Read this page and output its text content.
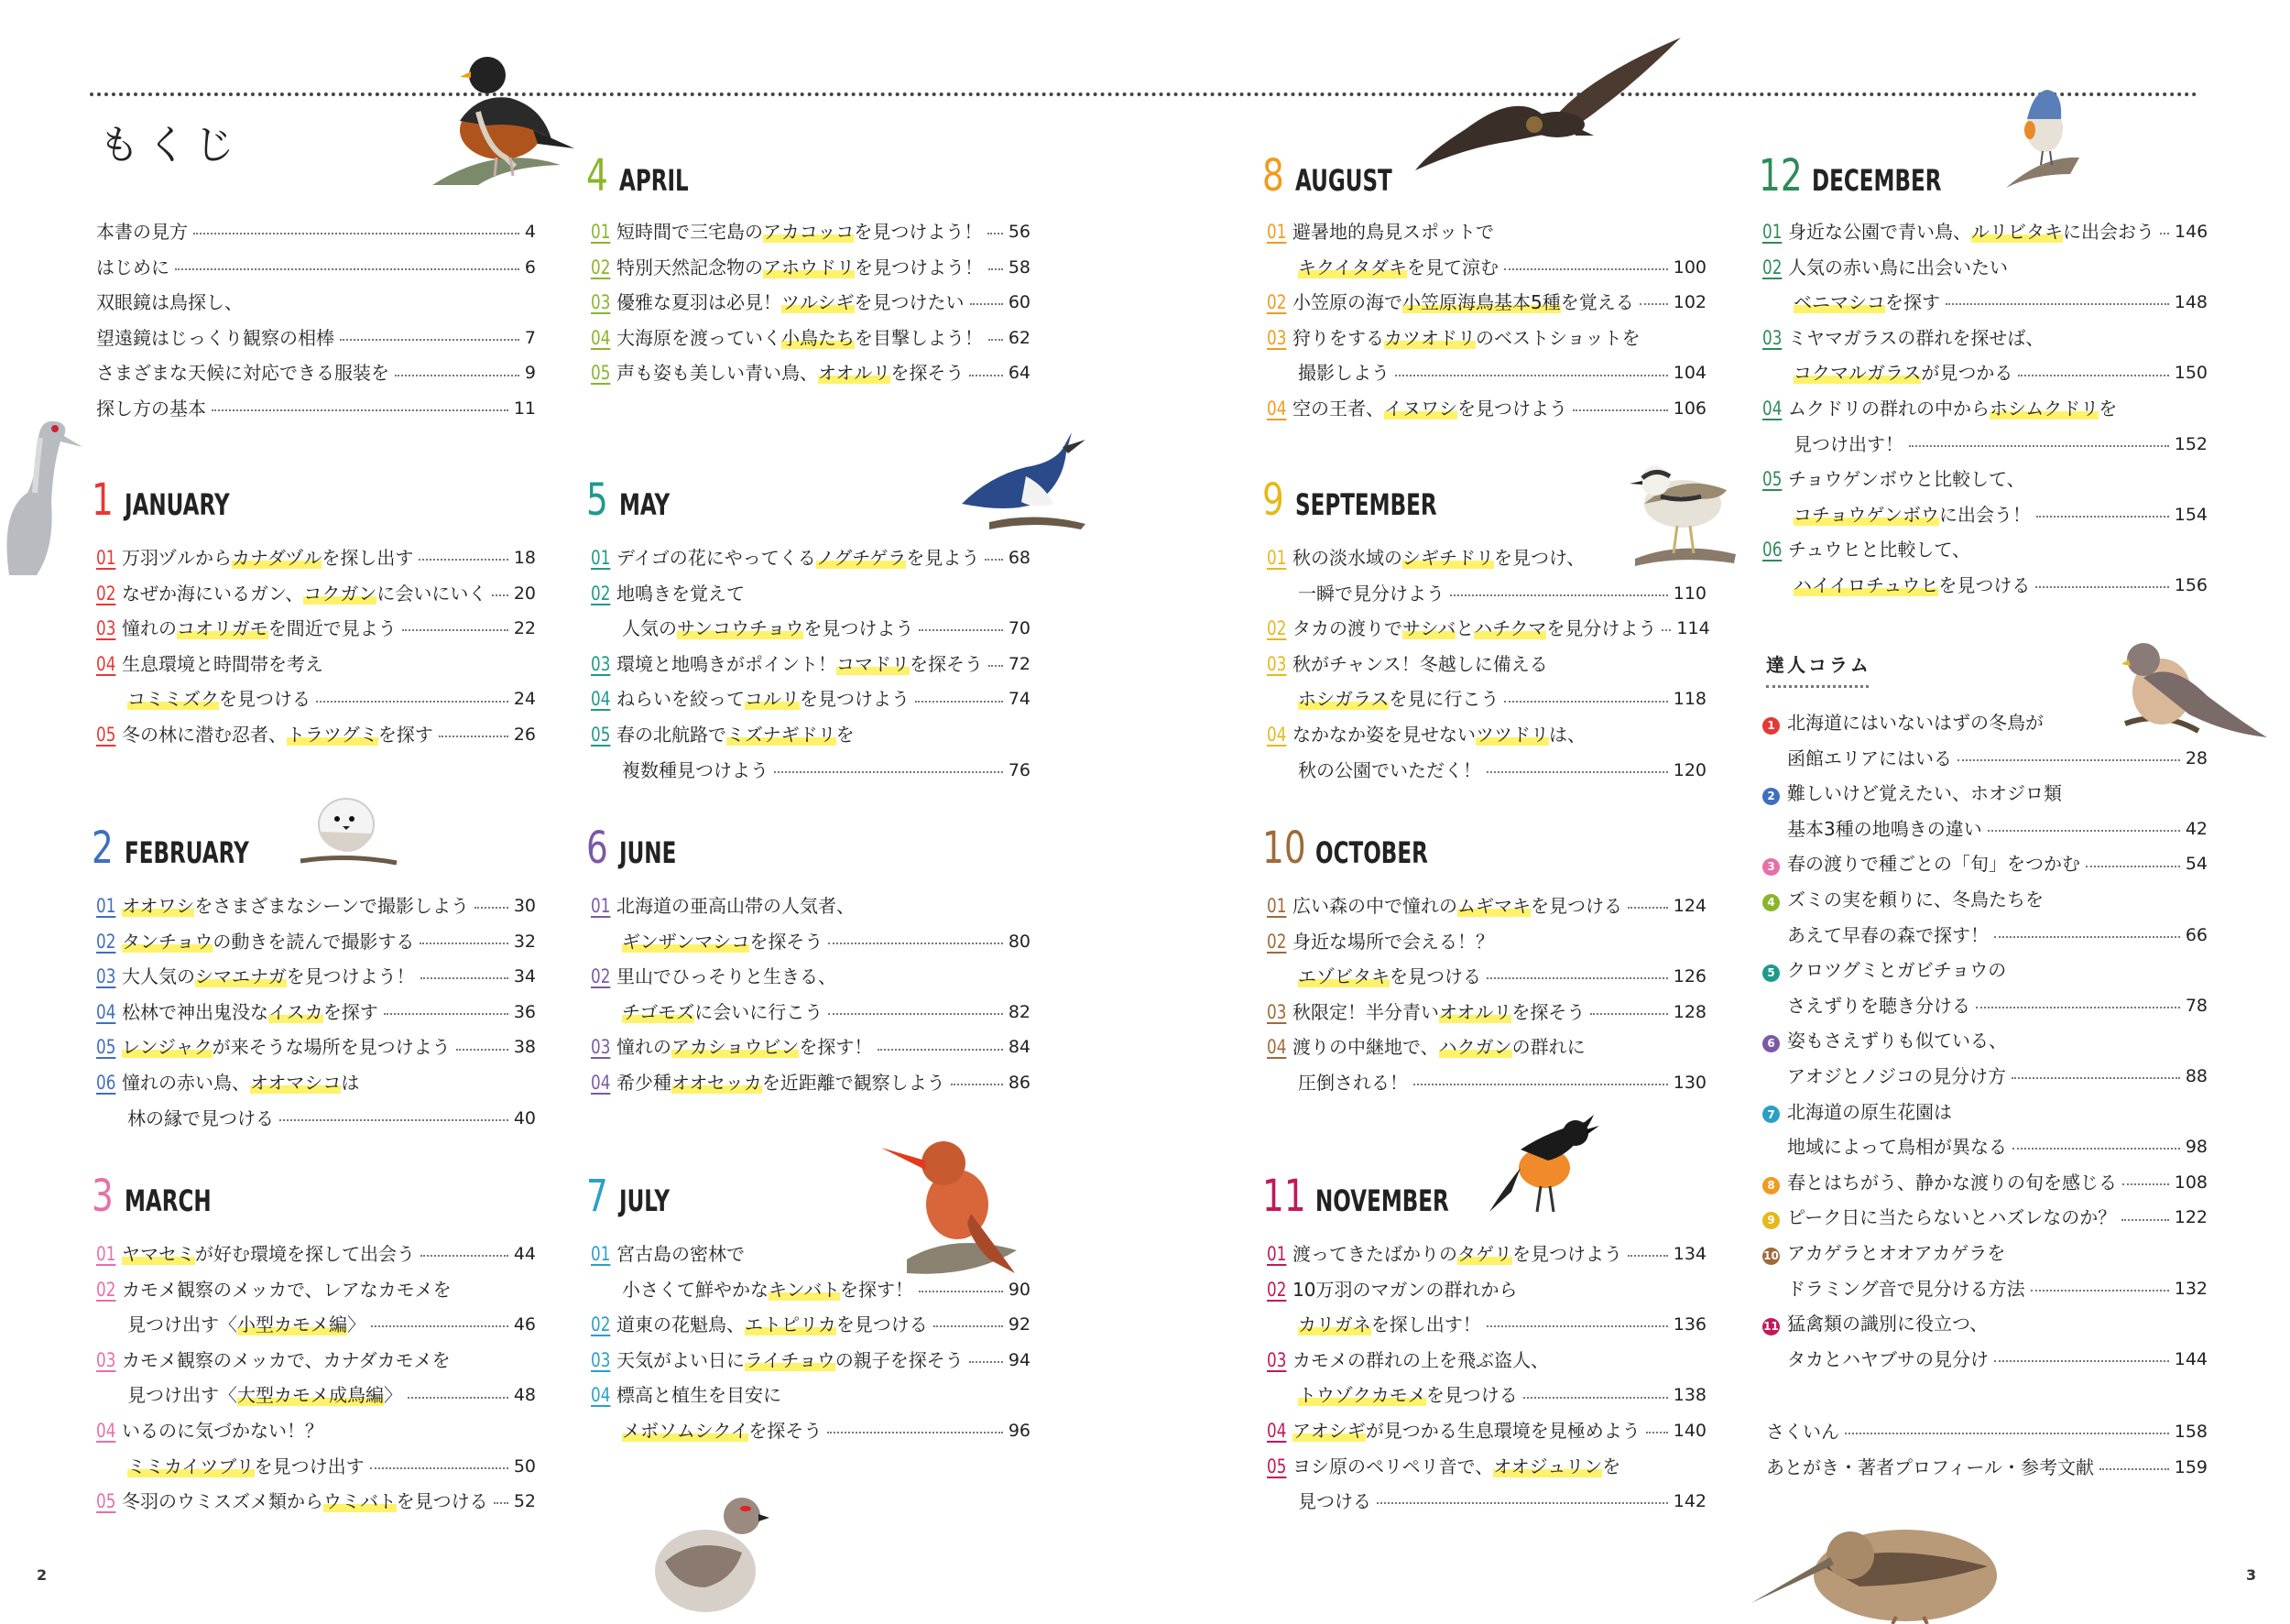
もくじ
2	3
本書の見方	4
はじめに	6
双眼鏡は鳥探し、
望遠鏡はじっくり観察の相棒	7
さまざまな天候に対応できる服装を	9
探し方の基本	11
1 JANUARY
2 FEBRUARY
3 MARCH
4 APRIL
5 MAY
6 JUNE
7 JULY
8 AUGUST
9 SEPTEMBER
10 OCTOBER
11 NOVEMBER
12 DECEMBER
01 万羽ヅルからカナダヅルを探し出す	18
02 なぜか海にいるガン、コクガンに会いにいく 20
03 憧れのコオリガモを間近で見よう	22
04 生息環境と時間帯を考え
コミミズクを見つける	24
05 冬の林に潜む忍者、トラツグミを探す	26
01 オオワシをさまざまなシーンで撮影しよう	30
02 タンチョウの動きを読んで撮影する	32
03 大人気のシマエナガを見つけよう！	34
04 松林で神出鬼没なイスカを探す	36
05 レンジャクが来そうな場所を見つけよう	38
06 憧れの赤い鳥、オオマシコは
林の縁で見つける	40
01 ヤマセミが好む環境を探して出会う	44
02 カモメ観察のメッカで、レアなカモメを
見つけ出す〈小型カモメ編〉	46
03 カモメ観察のメッカで、カナダカモメを
見つけ出す〈大型カモメ成鳥編〉	48
04 いるのに気づかない！？
ミミカイツブリを見つけ出す	50
05 冬羽のウミスズメ類からウミバトを見つける 52
01 短時間で三宅島のアカコッコを見つけよう！ 56
02 特別天然記念物のアホウドリを見つけよう！ 58
03 優雅な夏羽は必見！ツルシギを見つけたい	60
04 大海原を渡っていく小鳥たちを目撃しよう！ 62
05 声も姿も美しい青い鳥、オオルリを探そう	64
01 デイゴの花にやってくるノグチゲラを見よう 68
02 地鳴きを覚えて
人気のサンコウチョウを見つけよう	70
03 環境と地鳴きがポイント！コマドリを探そう 72
04 ねらいを絞ってコルリを見つけよう	74
05 春の北航路でミズナギドリを
複数種見つけよう	76
01 北海道の亜高山帯の人気者、
ギンザンマシコを探そう	80
02 里山でひっそりと生きる、
チゴモズに会いに行こう	82
03 憧れのアカショウビンを探す！	84
04 希少種オオセッカを近距離で観察しよう	86
01 宮古島の密林で
小さくて鮮やかなキンバトを探す！	90
02 道東の花魁鳥、エトピリカを見つける	92
03 天気がよい日にライチョウの親子を探そう	94
04 標高と植生を目安に
メボソムシクイを探そう	96
01 避暑地的鳥見スポットで
キクイタダキを見て涼む	100
02 小笠原の海で小笠原海鳥基本5種を覚える 102
03 狩りをするカツオドリのベストショットを
撮影しよう	104
04 空の王者、イヌワシを見つけよう	106
01 秋の淡水域のシギチドリを見つけ、
一瞬で見分けよう	110
02 タカの渡りでサシバとハチクマを見分けよう 114
03 秋がチャンス！冬越しに備える
ホシガラスを見に行こう	118
04 なかなか姿を見せないツツドリは、
秋の公園でいただく！	120
01 広い森の中で憧れのムギマキを見つける	124
02 身近な場所で会える！？
エゾビタキを見つける	126
03 秋限定！半分青いオオルリを探そう	128
04 渡りの中継地で、ハクガンの群れに
圧倒される！	130
01 渡ってきたばかりのタゲリを見つけよう	134
02 10万羽のマガンの群れから
カリガネを探し出す！	136
03 カモメの群れの上を飛ぶ盗人、
トウゾクカモメを見つける	138
04 アオシギが見つかる生息環境を見極めよう 140
05 ヨシ原のペリペリ音で、オオジュリンを
見つける	142
01 身近な公園で青い鳥、ルリビタキに出会おう 146
02 人気の赤い鳥に出会いたい
ベニマシコを探す	148
03 ミヤマガラスの群れを探せば、
コクマルガラスが見つかる	150
04 ムクドリの群れの中からホシムクドリを
見つけ出す！	152
05 チョウゲンボウと比較して、
コチョウゲンボウに出会う！	154
06 チュウヒと比較して、
ハイイロチュウヒを見つける	156
達人コラム
1 北海道にはいないはずの冬鳥が
函館エリアにはいる	28
2 難しいけど覚えたい、ホオジロ類
基本3種の地鳴きの違い	42
3 春の渡りで種ごとの「旬」をつかむ	54
4 ズミの実を頼りに、冬鳥たちを
あえて早春の森で探す！	66
5 クロツグミとガビチョウの
さえずりを聴き分ける	78
6 姿もさえずりも似ている、
アオジとノジコの見分け方	88
7 北海道の原生花園は
地域によって鳥相が異なる	98
8 春とはちがう、静かな渡りの旬を感じる	108
9 ピーク日に当たらないとハズレなのか？	122
10 アカゲラとオオアカゲラを
ドラミング音で見分ける方法	132
11 猛禽類の識別に役立つ、
タカとハヤブサの見分け	144
さくいん	158
あとがき・著者プロフィール・参考文献	159
